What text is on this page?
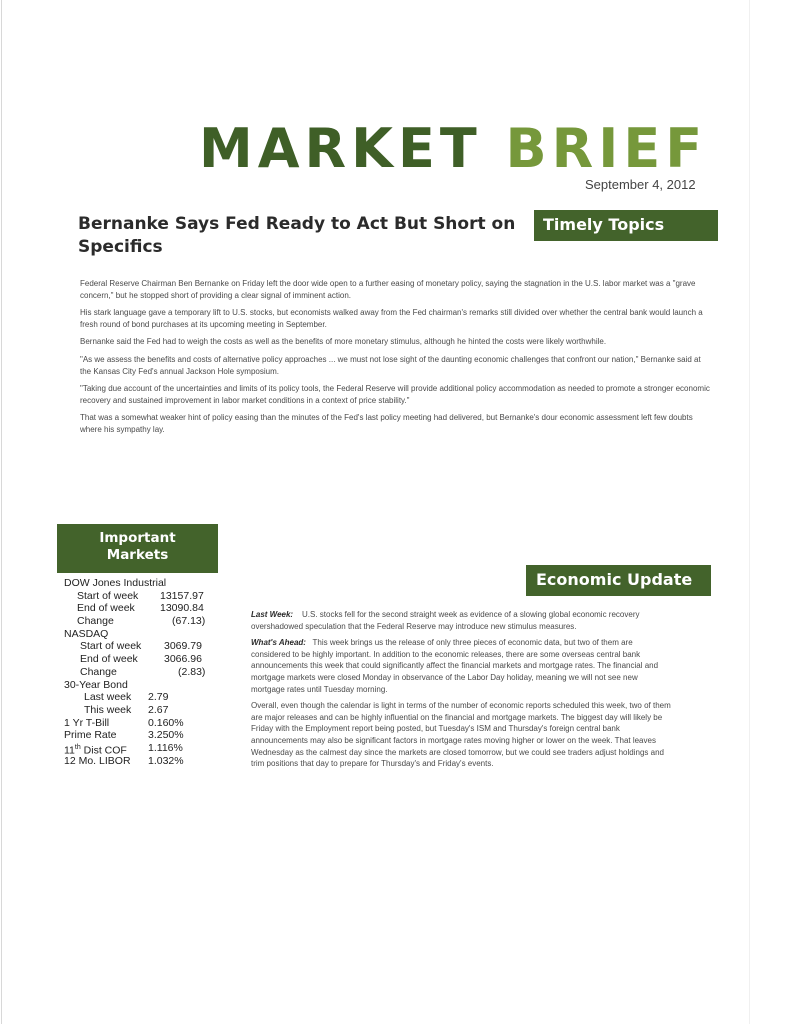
MARKET BRIEF
September 4, 2012
Bernanke Says Fed Ready to Act But Short on Specifics
Timely Topics

Federal Reserve Chairman Ben Bernanke on Friday left the door wide open to a further easing of monetary policy, saying the stagnation in the U.S. labor market was a "grave concern," but he stopped short of providing a clear signal of imminent action.

His stark language gave a temporary lift to U.S. stocks, but economists walked away from the Fed chairman's remarks still divided over whether the central bank would launch a fresh round of bond purchases at its upcoming meeting in September.

Bernanke said the Fed had to weigh the costs as well as the benefits of more monetary stimulus, although he hinted the costs were likely worthwhile.

"As we assess the benefits and costs of alternative policy approaches ... we must not lose sight of the daunting economic challenges that confront our nation," Bernanke said at the Kansas City Fed's annual Jackson Hole symposium.

"Taking due account of the uncertainties and limits of its policy tools, the Federal Reserve will provide additional policy accommodation as needed to promote a stronger economic recovery and sustained improvement in labor market conditions in a context of price stability."

That was a somewhat weaker hint of policy easing than the minutes of the Fed's last policy meeting had delivered, but Bernanke's dour economic assessment left few doubts where his sympathy lay.

Important
Markets
DOW Jones Industrial
Start of week 13157.97
End of week 13090.84
Change	(67.13)
NASDAQ
Start of week 3069.79
End of week 3066.96
Change	(2.83)
30-Year Bond
Last week 2.79
This week 2.67
1 Yr T-Bill	0.160%
Prime Rate	3.250%
11th Dist COF 1.116%
12 Mo. LIBOR 1.032%
Economic Update

Last Week: U.S. stocks fell for the second straight week as evidence of a slowing global economic recovery overshadowed speculation that the Federal Reserve may introduce new stimulus measures.

What's Ahead: This week brings us the release of only three pieces of economic data, but two of them are considered to be highly important. In addition to the economic releases, there are some overseas central bank announcements this week that could significantly affect the financial markets and mortgage rates. The financial and mortgage markets were closed Monday in observance of the Labor Day holiday, meaning we will not see new mortgage rates until Tuesday morning.

Overall, even though the calendar is light in terms of the number of economic reports scheduled this week, two of them are major releases and can be highly influential on the financial and mortgage markets. The biggest day will likely be Friday with the Employment report being posted, but Tuesday's ISM and Thursday's foreign central bank announcements may also be significant factors in mortgage rates moving higher or lower on the week. That leaves Wednesday as the calmest day since the markets are closed tomorrow, but we could see traders adjust holdings and trim positions that day to prepare for Thursday's and Friday's events.
